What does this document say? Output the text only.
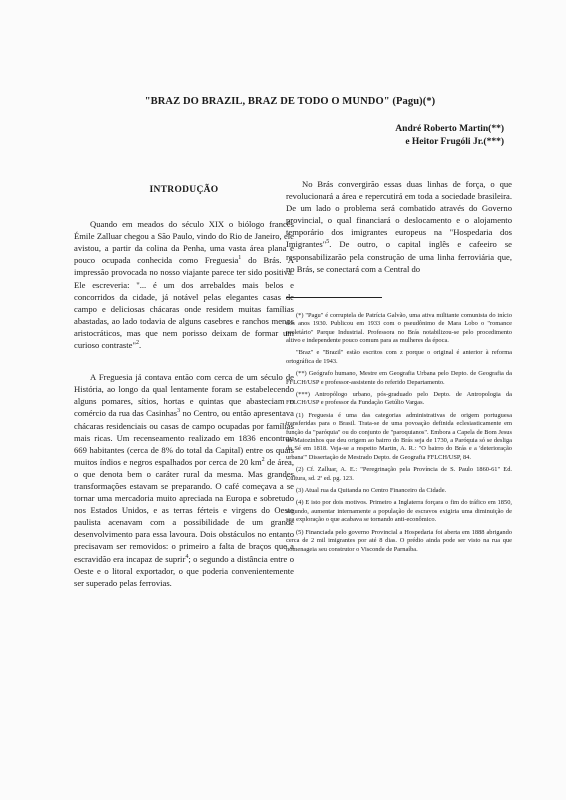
"BRAZ DO BRAZIL, BRAZ DE TODO O MUNDO" (Pagu)(*)
André Roberto Martin(**)
e Heitor Frugóli Jr.(***)
INTRODUÇÃO

Quando em meados do século XIX o biólogo francês Émile Zalluar chegou a São Paulo, vindo do Rio de Janeiro, ele avistou, a partir da colina da Penha, uma vasta área plana e pouco ocupada conhecida como Freguesia$^1$ do Brás. A impressão provocada no nosso viajante parece ter sido positiva. Ele escreveria: "... é um dos arrebaldes mais belos e concorridos da cidade, já notável pelas elegantes casas de campo e deliciosas chácaras onde residem muitas famílias abastadas, ao lado todavia de alguns casebres e ranchos menos aristocráticos, mas que nem porisso deixam de formar um curioso contraste"$^2$.

A Freguesia já contava então com cerca de um século de História, ao longo da qual lentamente foram se estabelecendo alguns pomares, sítios, hortas e quintas que abasteciam o comércio da rua das Casinhas$^3$ no Centro, ou então apresentava chácaras residenciais ou casas de campo ocupadas por famílias mais ricas. Um recenseamento realizado em 1836 encontrou 669 habitantes (cerca de 8% do total da Capital) entre os quais muitos índios e negros espalhados por cerca de 20 $km^2$ de área, o que denota bem o caráter rural da mesma. Mas grandes transformações estavam se preparando. O café começava a se tornar uma mercadoria muito apreciada na Europa e sobretudo nos Estados Unidos, e as terras férteis e virgens do Oeste paulista acenavam com a possibilidade de um grande desenvolvimento para essa lavoura. Dois obstáculos no entanto precisavam ser removidos: o primeiro a falta de braços que a escravidão era incapaz de suprir$^4$; o segundo a distância entre o Oeste e o litoral exportador, o que poderia convenientemente ser superado pelas ferrovias.

No Brás convergirão essas duas linhas de força, o que revolucionará a área e repercutirá em toda a sociedade brasileira. De um lado o problema será combatido através do Governo provincial, o qual financiará o deslocamento e o alojamento temporário dos imigrantes europeus na "Hospedaria dos Imigrantes"$^5$. De outro, o capital inglês e cafeeiro se responsabilizarão pela construção de uma linha ferroviária que, no Brás, se conectará com a Central do

(*) "Pagu" é corruptela de Patrícia Galvão, uma ativa militante comunista do início dos anos 1930. Publicou em 1933 com o pseudônimo de Mara Lobo o "romance proletário" Parque Industrial. Professora no Brás notabilizou-se pelo procedimento altivo e independente pouco comum para as mulheres da época.

"Braz" e "Brazil" estão escritos com z porque o original é anterior à reforma ortográfica de 1943.

(**) Geógrafo humano, Mestre em Geografia Urbana pelo Depto. de Geografia da FFLCH/USP e professor-assistente do referido Departamento.

(***) Antropólogo urbano, pós-graduado pelo Depto. de Antropologia da FFLCH/USP e professor da Fundação Getúlio Vargas.

(1) Freguesia é uma das categorias administrativas de origem portuguesa transferidas para o Brasil. Trata-se de uma povoação definida eclesiasticamente em função da "paróquia" ou do conjunto de "paroquianos". Embora a Capela de Bom Jesus do Matozinhos que deu origem ao bairro do Brás seja de 1730, a Paróquia só se desliga da Sé em 1818. Veja-se a respeito Martin, A. R.: "O bairro do Brás e a 'deterioração urbana'" Dissertação de Mestrado Depto. de Geografia FFLCH/USP, 84.

(2) Cf. Zalluar, A. E.: "Peregrinação pela Província de S. Paulo 1860-61" Ed. Cultura, sd. 2ª ed. pg. 123.

(3) Atual rua da Quitanda no Centro Financeiro da Cidade.

(4) E isto por dois motivos. Primeiro a Inglaterra forçara o fim do tráfico em 1850, segundo, aumentar internamente a população de escravos exigiria uma diminuição de sua exploração o que acabava se tornando anti-econômico.

(5) Financiada pelo governo Provincial a Hospedaria foi aberta em 1888 abrigando cerca de 2 mil imigrantes por até 8 dias. O prédio ainda pode ser visto na rua que homenageia seu construtor o Visconde de Parnaíba.
